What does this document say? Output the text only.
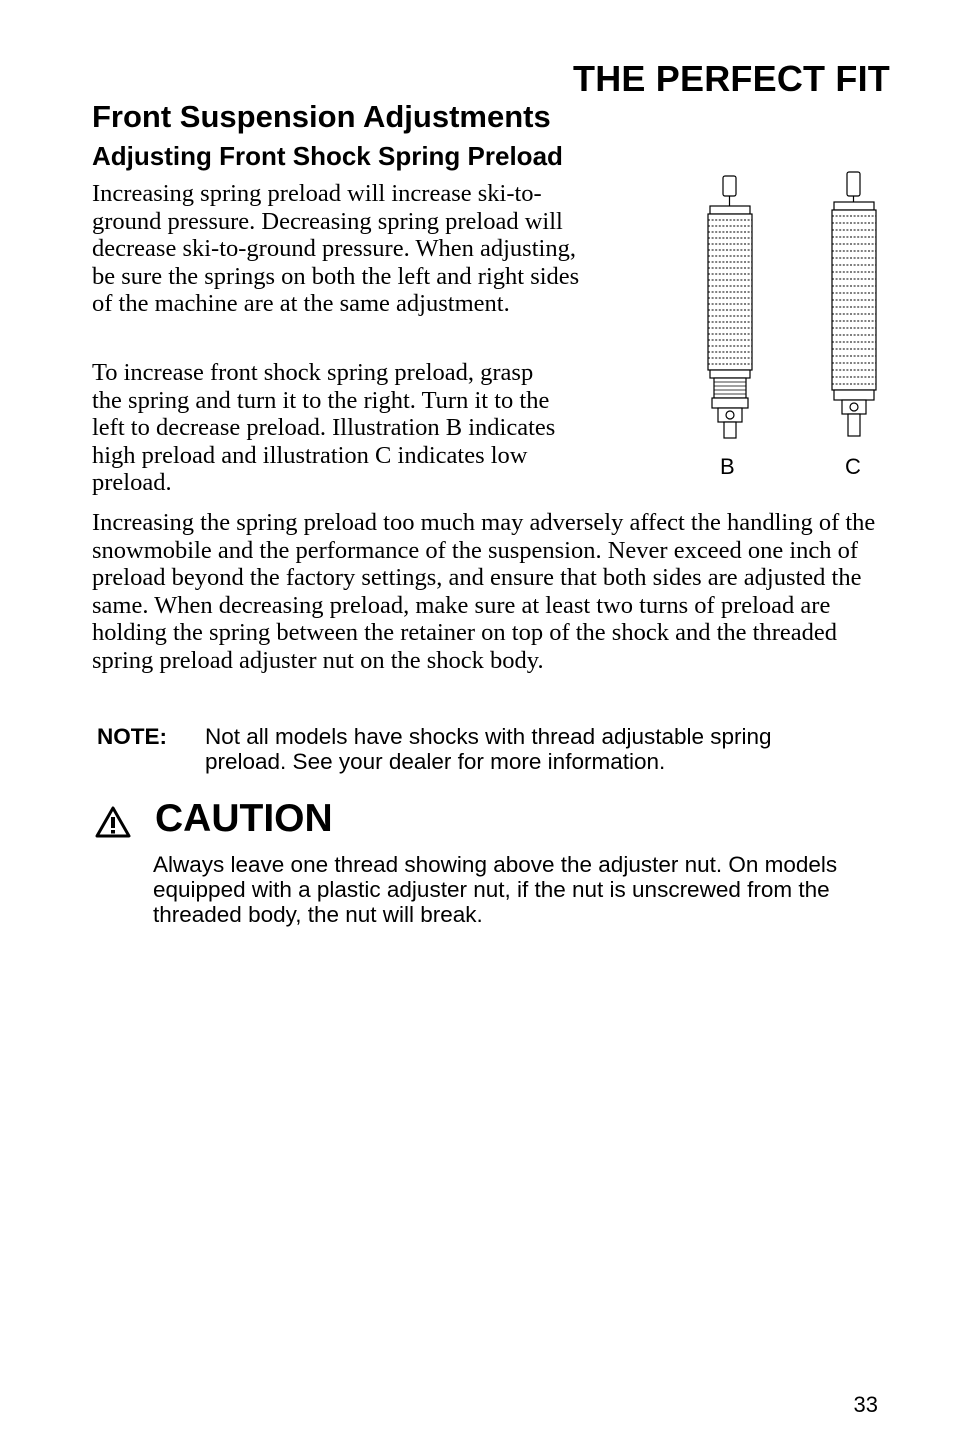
THE PERFECT FIT
Front Suspension Adjustments
Adjusting Front Shock Spring Preload

Increasing spring preload will increase ski-to-ground pressure. Decreasing spring preload will decrease ski-to-ground pressure. When adjusting, be sure the springs on both the left and right sides of the machine are at the same adjustment.

To increase front shock spring preload, grasp the spring and turn it to the right. Turn it to the left to decrease preload. Illustration B indicates high preload and illustration C indicates low preload.

B	C

Increasing the spring preload too much may adversely affect the handling of the snowmobile and the performance of the suspension. Never exceed one inch of preload beyond the factory settings, and ensure that both sides are adjusted the same. When decreasing preload, make sure at least two turns of preload are holding the spring between the retainer on top of the shock and the threaded spring preload adjuster nut on the shock body.

NOTE: Not all models have shocks with thread adjustable spring preload. See your dealer for more information.
CAUTION
Always leave one thread showing above the adjuster nut. On models equipped with a plastic adjuster nut, if the nut is unscrewed from the threaded body, the nut will break.
33
